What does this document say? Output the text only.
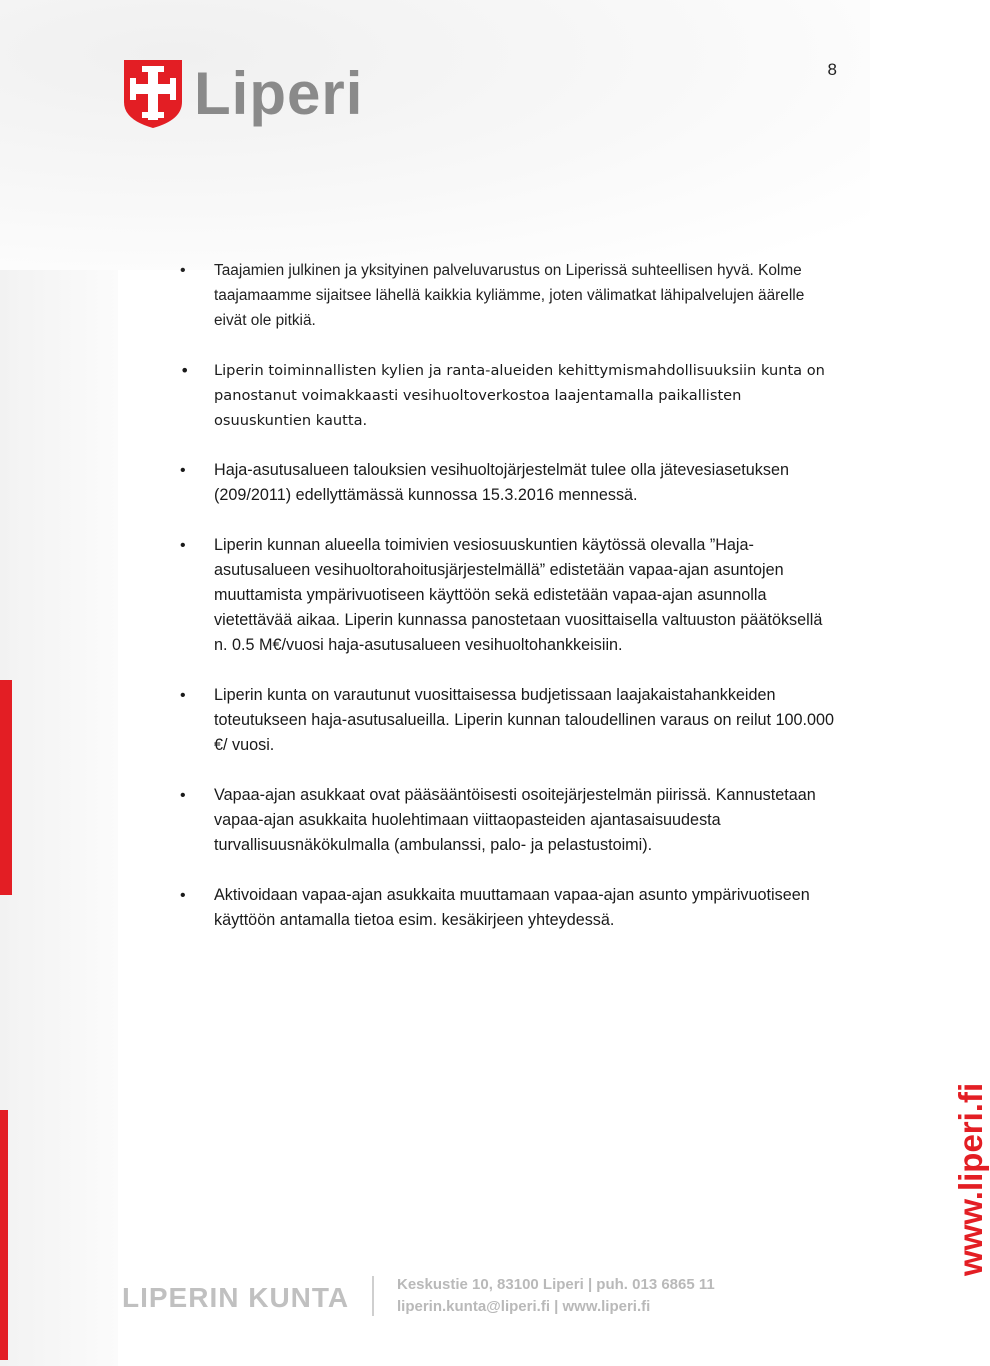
8
Liperi
• Taajamien julkinen ja yksityinen palveluvarustus on Liperissä suhteellisen hyvä. Kolme taajamaamme sijaitsee lähellä kaikkia kyliämme, joten välimatkat lähipalvelujen äärelle eivät ole pitkiä.
• Liperin toiminnallisten kylien ja ranta-alueiden kehittymismahdollisuuksiin kunta on panostanut voimakkaasti vesihuoltoverkostoa laajentamalla paikallisten osuuskuntien kautta.
• Haja-asutusalueen talouksien vesihuoltojärjestelmät tulee olla jätevesiasetuksen (209/2011) edellyttämässä kunnossa 15.3.2016 mennessä.
• Liperin kunnan alueella toimivien vesiosuuskuntien käytössä olevalla ”Haja-asutusalueen vesihuoltorahoitusjärjestelmällä” edistetään vapaa-ajan asuntojen muuttamista ympärivuotiseen käyttöön sekä edistetään vapaa-ajan asunnolla vietettävää aikaa. Liperin kunnassa panostetaan vuosittaisella valtuuston päätöksellä n. 0.5 M€/vuosi haja-asutusalueen vesihuoltohankkeisiin.
• Liperin kunta on varautunut vuosittaisessa budjetissaan laajakaistahankkeiden toteutukseen haja-asutusalueilla. Liperin kunnan taloudellinen varaus on reilut 100.000 €/ vuosi.
• Vapaa-ajan asukkaat ovat pääsääntöisesti osoitejärjestelmän piirissä. Kannustetaan vapaa-ajan asukkaita huolehtimaan viittaopasteiden ajantasaisuudesta turvallisuusnäkökulmalla (ambulanssi, palo- ja pelastustoimi).
• Aktivoidaan vapaa-ajan asukkaita muuttamaan vapaa-ajan asunto ympärivuotiseen käyttöön antamalla tietoa esim. kesäkirjeen yhteydessä.
LIPERIN KUNTA	Keskustie 10, 83100 Liperi | puh. 013 6865 11
liperin.kunta@liperi.fi | www.liperi.fi
www.liperi.fi
